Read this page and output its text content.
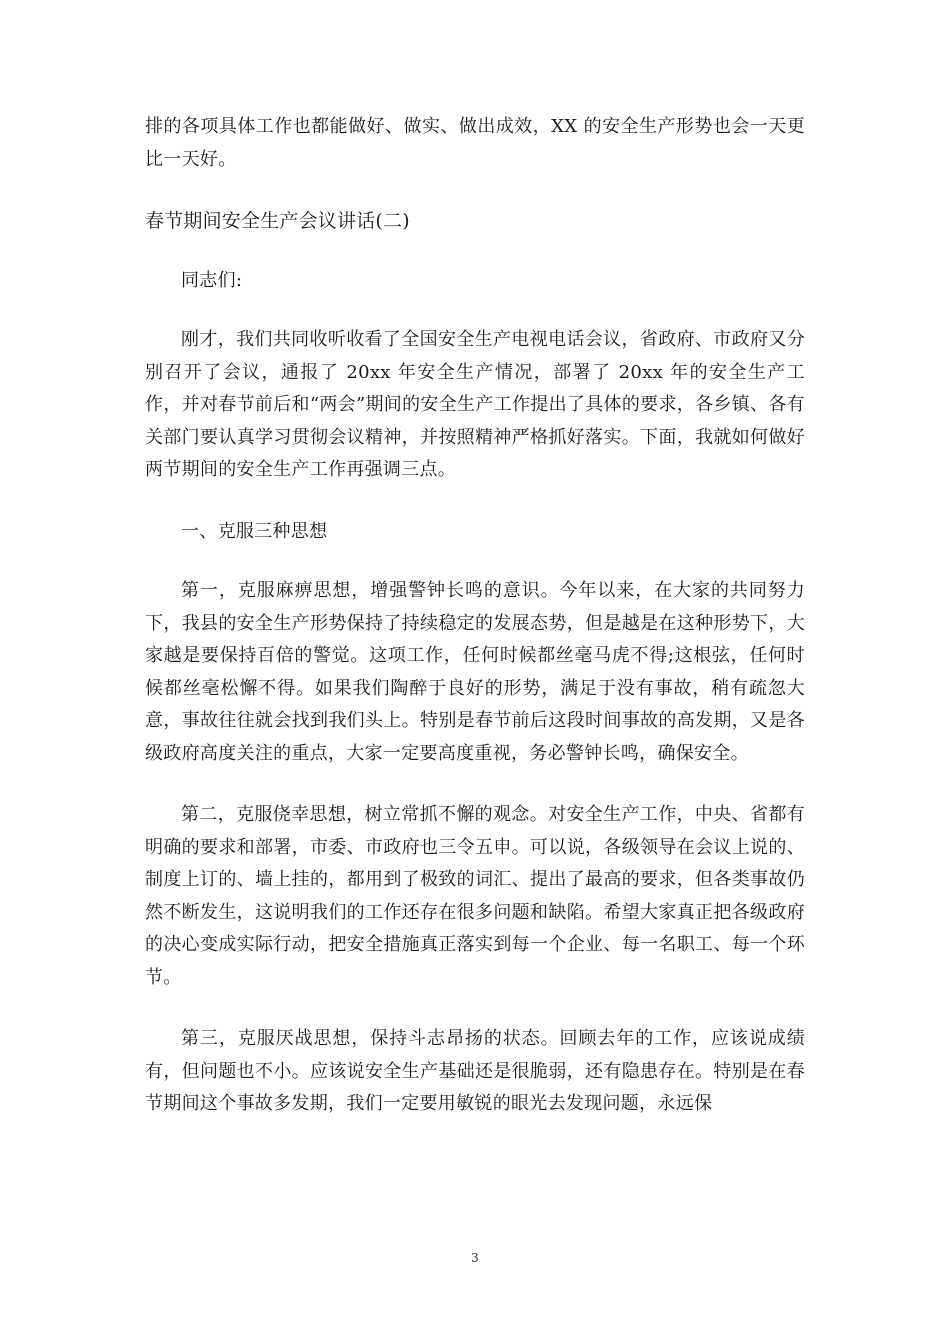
排的各项具体工作也都能做好、做实、做出成效，XX 的安全生产形势也会一天更比一天好。

春节期间安全生产会议讲话(二)

同志们:

刚才，我们共同收听收看了全国安全生产电视电话会议，省政府、市政府又分别召开了会议，通报了 20xx 年安全生产情况，部署了 20xx 年的安全生产工作，并对春节前后和“两会”期间的安全生产工作提出了具体的要求，各乡镇、各有关部门要认真学习贯彻会议精神，并按照精神严格抓好落实。下面，我就如何做好两节期间的安全生产工作再强调三点。

一、克服三种思想

第一，克服麻痹思想，增强警钟长鸣的意识。今年以来，在大家的共同努力下，我县的安全生产形势保持了持续稳定的发展态势，但是越是在这种形势下，大家越是要保持百倍的警觉。这项工作，任何时候都丝毫马虎不得;这根弦，任何时候都丝毫松懈不得。如果我们陶醉于良好的形势，满足于没有事故，稍有疏忽大意，事故往往就会找到我们头上。特别是春节前后这段时间事故的高发期，又是各级政府高度关注的重点，大家一定要高度重视，务必警钟长鸣，确保安全。

第二，克服侥幸思想，树立常抓不懈的观念。对安全生产工作，中央、省都有明确的要求和部署，市委、市政府也三令五申。可以说，各级领导在会议上说的、制度上订的、墙上挂的，都用到了极致的词汇、提出了最高的要求，但各类事故仍然不断发生，这说明我们的工作还存在很多问题和缺陷。希望大家真正把各级政府的决心变成实际行动，把安全措施真正落实到每一个企业、每一名职工、每一个环节。

第三，克服厌战思想，保持斗志昂扬的状态。回顾去年的工作，应该说成绩有，但问题也不小。应该说安全生产基础还是很脆弱，还有隐患存在。特别是在春节期间这个事故多发期，我们一定要用敏锐的眼光去发现问题，永远保

3
